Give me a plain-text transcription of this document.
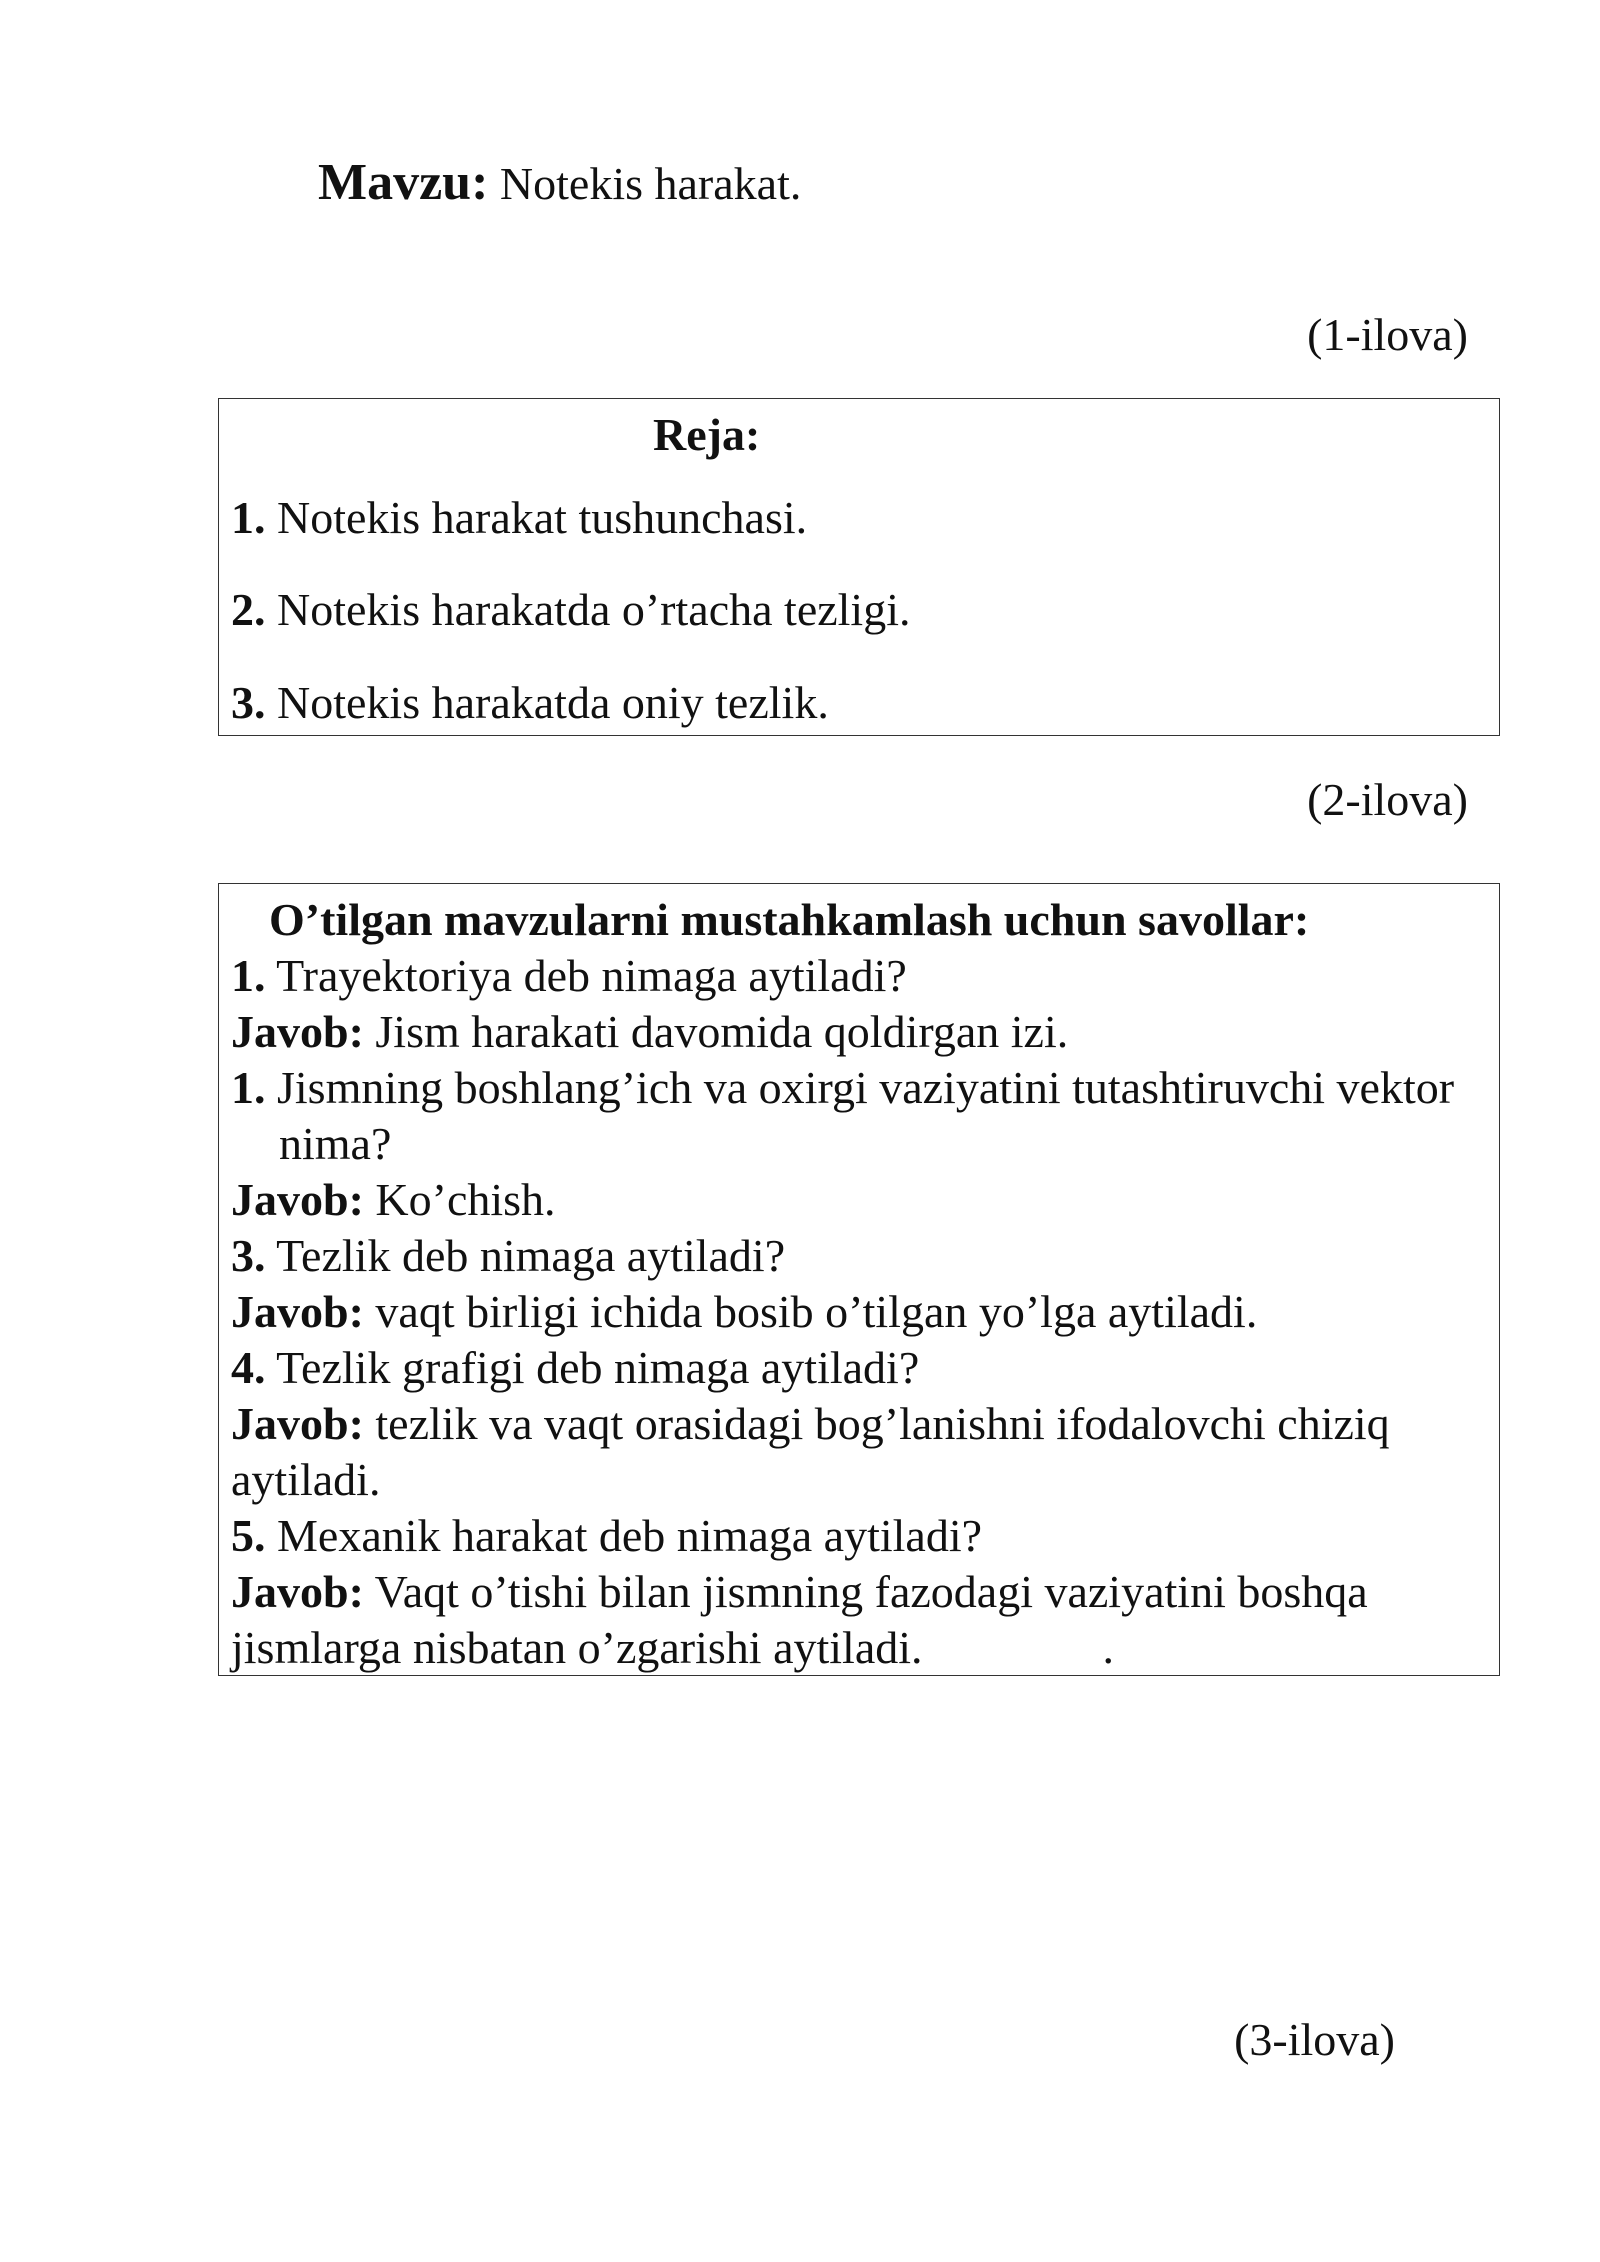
Mavzu: Notekis harakat.
(1-ilova)
Reja:
1. Notekis harakat tushunchasi.
2. Notekis harakatda o’rtacha tezligi.
3. Notekis harakatda oniy tezlik.
(2-ilova)
O’tilgan mavzularni mustahkamlash uchun savollar:
1. Trayektoriya deb nimaga aytiladi?
Javob: Jism harakati davomida qoldirgan izi.
1. Jismning boshlang’ich va oxirgi vaziyatini tutashtiruvchi vektor nima?
Javob: Ko’chish.
3. Tezlik deb nimaga aytiladi?
Javob: vaqt birligi ichida bosib o’tilgan yo’lga aytiladi.
4. Tezlik grafigi deb nimaga aytiladi?
Javob: tezlik va vaqt orasidagi bog’lanishni ifodalovchi chiziq aytiladi.
5. Mexanik harakat deb nimaga aytiladi?
Javob: Vaqt o’tishi bilan jismning fazodagi vaziyatini boshqa jismlarga nisbatan o’zgarishi aytiladi.	.
(3-ilova)
